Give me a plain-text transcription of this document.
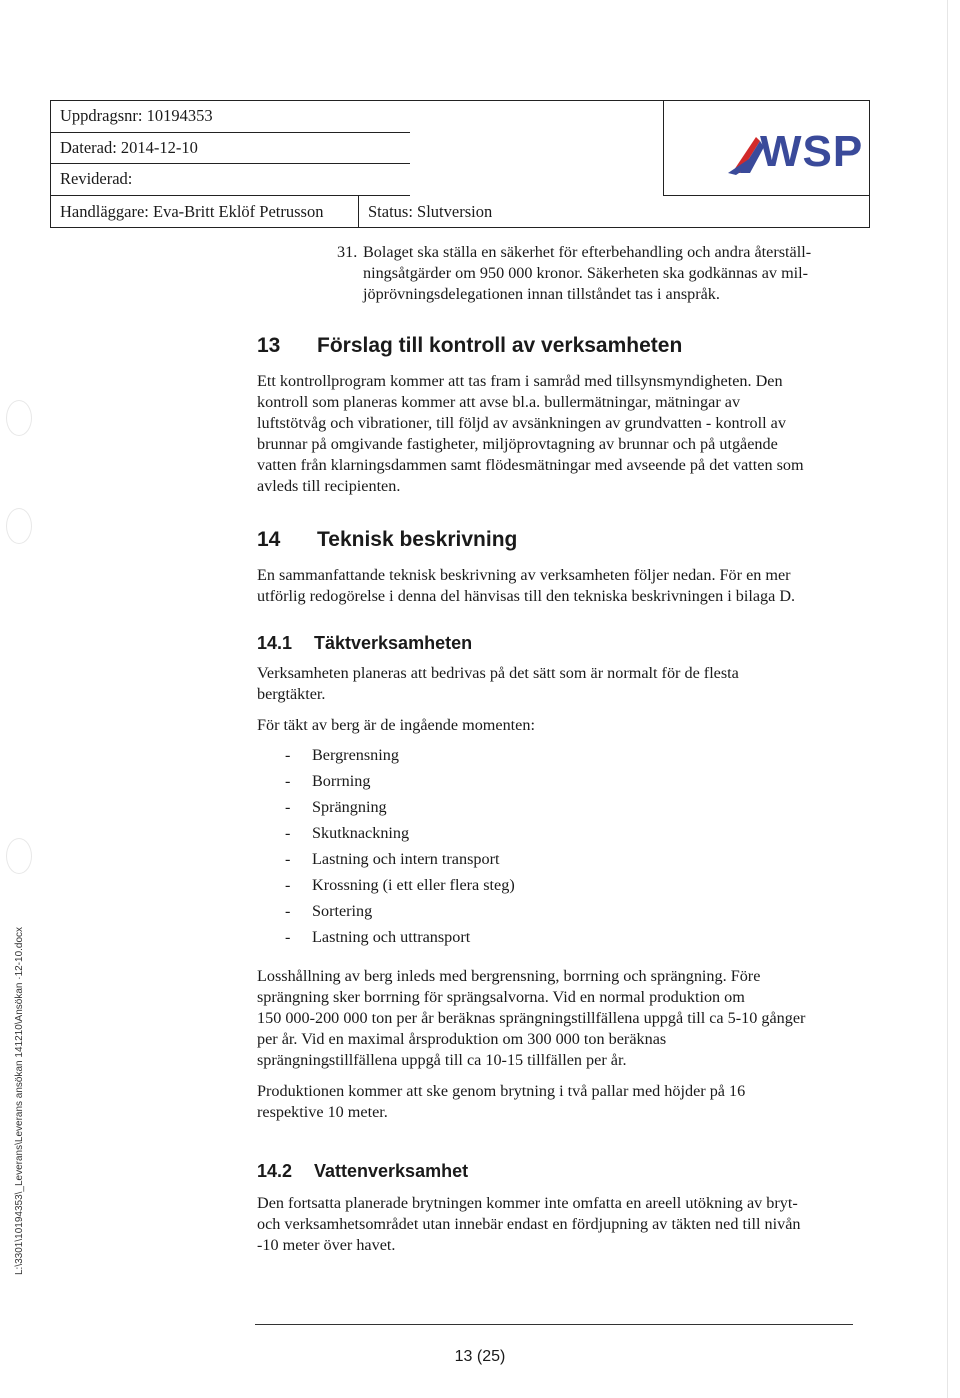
Uppdragsnr: 10194353
Daterad: 2014-12-10
Reviderad:
Handläggare: Eva-Britt Eklöf Petrusson	Status: Slutversion
WSP
31. Bolaget ska ställa en säkerhet för efterbehandling och andra återställ-
ningsåtgärder om 950 000 kronor. Säkerheten ska godkännas av mil-
jöprövningsdelegationen innan tillståndet tas i anspråk.
13 Förslag till kontroll av verksamheten
Ett kontrollprogram kommer att tas fram i samråd med tillsynsmyndigheten. Den
kontroll som planeras kommer att avse bl.a. bullermätningar, mätningar av
luftstötvåg och vibrationer, till följd av avsänkningen av grundvatten - kontroll av
brunnar på omgivande fastigheter, miljöprovtagning av brunnar och på utgående
vatten från klarningsdammen samt flödesmätningar med avseende på det vatten som
avleds till recipienten.
14 Teknisk beskrivning
En sammanfattande teknisk beskrivning av verksamheten följer nedan. För en mer
utförlig redogörelse i denna del hänvisas till den tekniska beskrivningen i bilaga D.
14.1 Täktverksamheten
Verksamheten planeras att bedrivas på det sätt som är normalt för de flesta
bergtäkter.
För täkt av berg är de ingående momenten:
- Bergrensning
- Borrning
- Sprängning
- Skutknackning
- Lastning och intern transport
- Krossning (i ett eller flera steg)
- Sortering
- Lastning och uttransport
Losshållning av berg inleds med bergrensning, borrning och sprängning. Före
sprängning sker borrning för sprängsalvorna. Vid en normal produktion om
150 000-200 000 ton per år beräknas sprängningstillfällena uppgå till ca 5-10 gånger
per år. Vid en maximal årsproduktion om 300 000 ton beräknas
sprängningstillfällena uppgå till ca 10-15 tillfällen per år.
Produktionen kommer att ske genom brytning i två pallar med höjder på 16
respektive 10 meter.
14.2 Vattenverksamhet
Den fortsatta planerade brytningen kommer inte omfatta en areell utökning av bryt-
och verksamhetsområdet utan innebär endast en fördjupning av täkten ned till nivån
-10 meter över havet.
L:\3301\10194353\_Leverans\Leverans ansökan 141210\Ansökan ·12-10.docx
13 (25)
